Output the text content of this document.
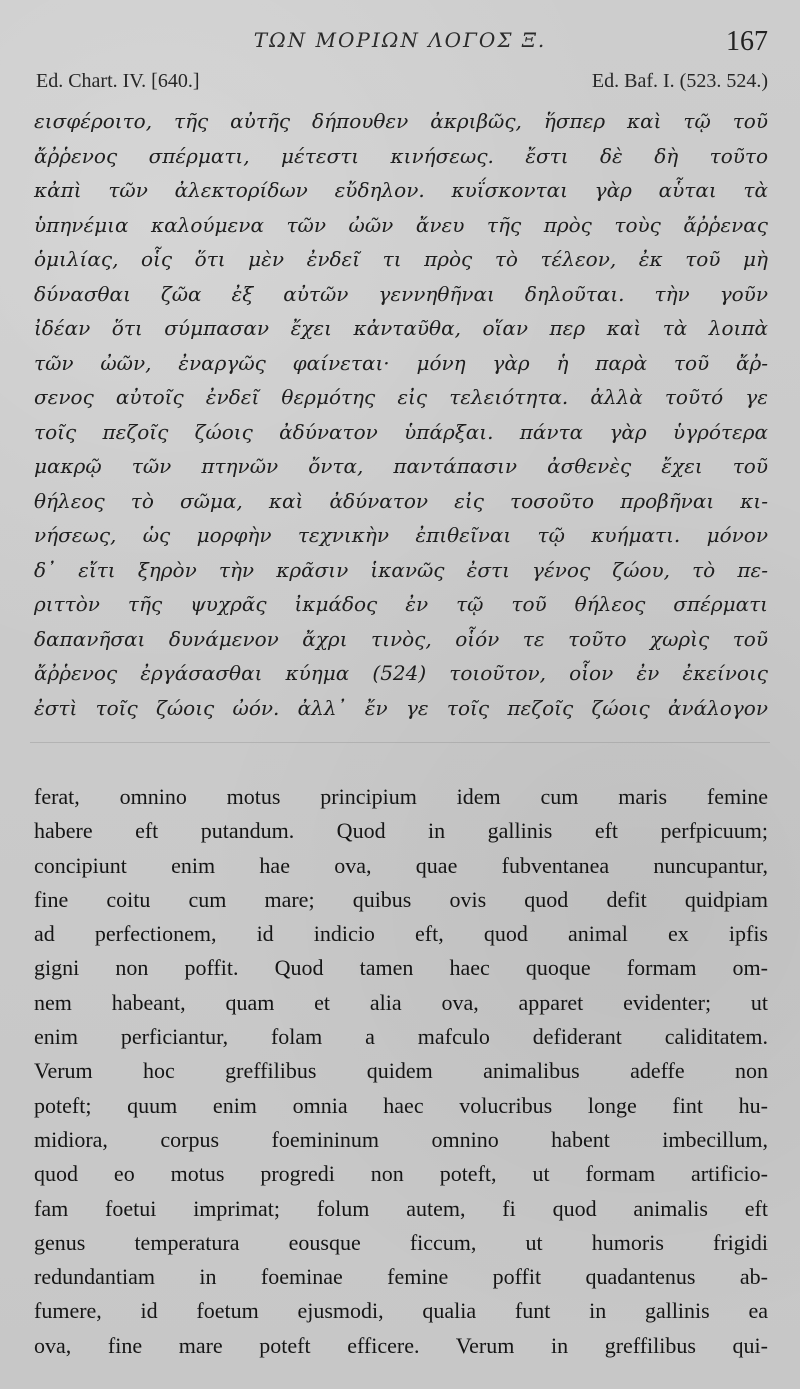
ΤΩΝ ΜΟΡΙΩΝ ΛΟΓΟΣ Ξ.	167
Ed. Chart. IV. [640.]	Ed. Baf. I. (523. 524.)
εισφέροιτο, τῆς αὐτῆς δήπουθεν ἀκριβῶς, ἥσπερ καὶ τῷ τοῦ
ἄῤῥενος σπέρματι, μέτεστι κινήσεως. ἔστι δὲ δὴ τοῦτο
κἀπὶ τῶν ἀλεκτορίδων εὔδηλον. κυΐσκονται γὰρ αὗται τὰ
ὑπηνέμια καλούμενα τῶν ὠῶν ἄνευ τῆς πρὸς τοὺς ἄῤῥενας
ὁμιλίας, οἷς ὅτι μὲν ἐνδεῖ τι πρὸς τὸ τέλεον, ἐκ τοῦ μὴ
δύνασθαι ζῶα ἐξ αὐτῶν γεννηθῆναι δηλοῦται. τὴν γοῦν
ἰδέαν ὅτι σύμπασαν ἔχει κἀνταῦθα, οἵαν περ καὶ τὰ λοιπὰ
τῶν ὠῶν, ἐναργῶς φαίνεται· μόνη γὰρ ἡ παρὰ τοῦ ἄῤ-
σενος αὐτοῖς ἐνδεῖ θερμότης εἰς τελειότητα. ἀλλὰ τοῦτό γε
τοῖς πεζοῖς ζώοις ἀδύνατον ὑπάρξαι. πάντα γὰρ ὑγρότερα
μακρῷ τῶν πτηνῶν ὄντα, παντάπασιν ἀσθενὲς ἔχει τοῦ
θήλεος τὸ σῶμα, καὶ ἀδύνατον εἰς τοσοῦτο προβῆναι κι-
νήσεως, ὡς μορφὴν τεχνικὴν ἐπιθεῖναι τῷ κυήματι. μόνον
δ᾽ εἴτι ξηρὸν τὴν κρᾶσιν ἱκανῶς ἐστι γένος ζώου, τὸ πε-
ριττὸν τῆς ψυχρᾶς ἰκμάδος ἐν τῷ τοῦ θήλεος σπέρματι
δαπανῆσαι δυνάμενον ἄχρι τινὸς, οἷόν τε τοῦτο χωρὶς τοῦ
ἄῤῥενος ἐργάσασθαι κύημα (524) τοιοῦτον, οἷον ἐν ἐκείνοις
ἐστὶ τοῖς ζώοις ὠόν. ἀλλ᾽ ἔν γε τοῖς πεζοῖς ζώοις ἀνάλογον
ferat, omnino motus principium idem cum maris femine
habere eft putandum. Quod in gallinis eft perfpicuum;
concipiunt enim hae ova, quae fubventanea nuncupantur,
fine coitu cum mare; quibus ovis quod defit quidpiam
ad perfectionem, id indicio eft, quod animal ex ipfis
gigni non poffit. Quod tamen haec quoque formam om-
nem habeant, quam et alia ova, apparet evidenter; ut
enim perficiantur, folam a mafculo defiderant caliditatem.
Verum hoc greffilibus quidem animalibus adeffe non
poteft; quum enim omnia haec volucribus longe fint hu-
midiora, corpus foemininum omnino habent imbecillum,
quod eo motus progredi non poteft, ut formam artificio-
fam foetui imprimat; folum autem, fi quod animalis eft
genus temperatura eousque ficcum, ut humoris frigidi
redundantiam in foeminae femine poffit quadantenus ab-
fumere, id foetum ejusmodi, qualia funt in gallinis ea
ova, fine mare poteft efficere. Verum in greffilibus qui-
